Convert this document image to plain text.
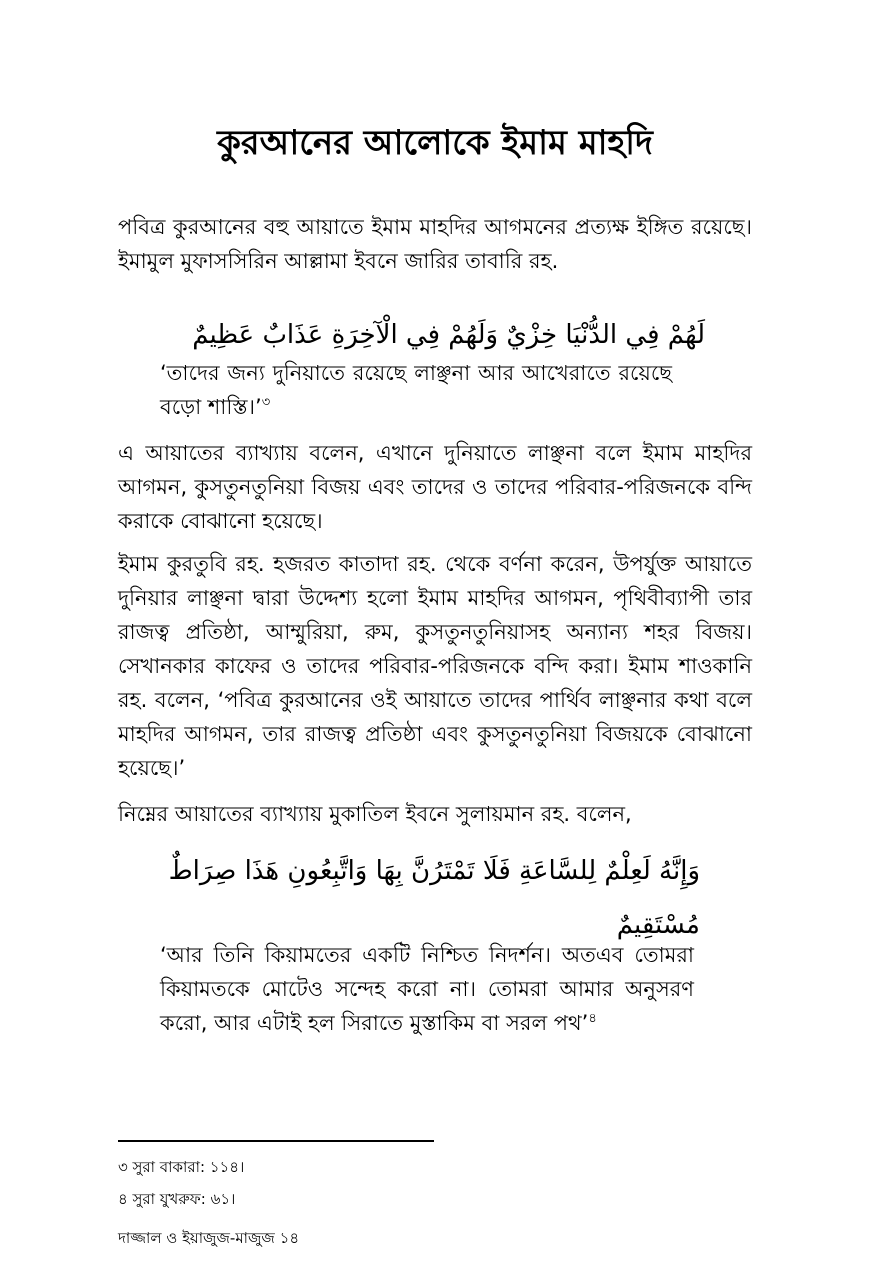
কুরআনের আলোকে ইমাম মাহদি

পবিত্র কুরআনের বহু আয়াতে ইমাম মাহদির আগমনের প্রত্যক্ষ ইঙ্গিত রয়েছে। ইমামুল মুফাসসিরিন আল্লামা ইবনে জারির তাবারি রহ.

لَهُمْ فِي الدُّنْيَا خِزْيٌ وَلَهُمْ فِي الْآخِرَةِ عَذَابٌ عَظِيمٌ

‘তাদের জন্য দুনিয়াতে রয়েছে লাঞ্ছনা আর আখেরাতে রয়েছে বড়ো শাস্তি।’$^৩$

এ আয়াতের ব্যাখ্যায় বলেন, এখানে দুনিয়াতে লাঞ্ছনা বলে ইমাম মাহদির আগমন, কুসতুনতুনিয়া বিজয় এবং তাদের ও তাদের পরিবার-পরিজনকে বন্দি করাকে বোঝানো হয়েছে।

ইমাম কুরতুবি রহ. হজরত কাতাদা রহ. থেকে বর্ণনা করেন, উপর্যুক্ত আয়াতে দুনিয়ার লাঞ্ছনা দ্বারা উদ্দেশ্য হলো ইমাম মাহদির আগমন, পৃথিবীব্যাপী তার রাজত্ব প্রতিষ্ঠা, আম্মুরিয়া, রুম, কুসতুনতুনিয়াসহ অন্যান্য শহর বিজয়। সেখানকার কাফের ও তাদের পরিবার-পরিজনকে বন্দি করা। ইমাম শাওকানি রহ. বলেন, ‘পবিত্র কুরআনের ওই আয়াতে তাদের পার্থিব লাঞ্ছনার কথা বলে মাহদির আগমন, তার রাজত্ব প্রতিষ্ঠা এবং কুসতুনতুনিয়া বিজয়কে বোঝানো হয়েছে।’

নিম্নের আয়াতের ব্যাখ্যায় মুকাতিল ইবনে সুলায়মান রহ. বলেন,

وَإِنَّهُ لَعِلْمٌ لِلسَّاعَةِ فَلَا تَمْتَرُنَّ بِهَا وَاتَّبِعُونِ هَذَا صِرَاطٌ مُسْتَقِيمٌ

‘আর তিনি কিয়ামতের একটি নিশ্চিত নিদর্শন। অতএব তোমরা কিয়ামতকে মোটেও সন্দেহ করো না। তোমরা আমার অনুসরণ করো, আর এটাই হল সিরাতে মুস্তাকিম বা সরল পথ’$^৪$

৩ সুরা বাকারা: ১১৪।

৪ সুরা যুখরুফ: ৬১।

দাজ্জাল ও ইয়াজুজ-মাজুজ ১৪
